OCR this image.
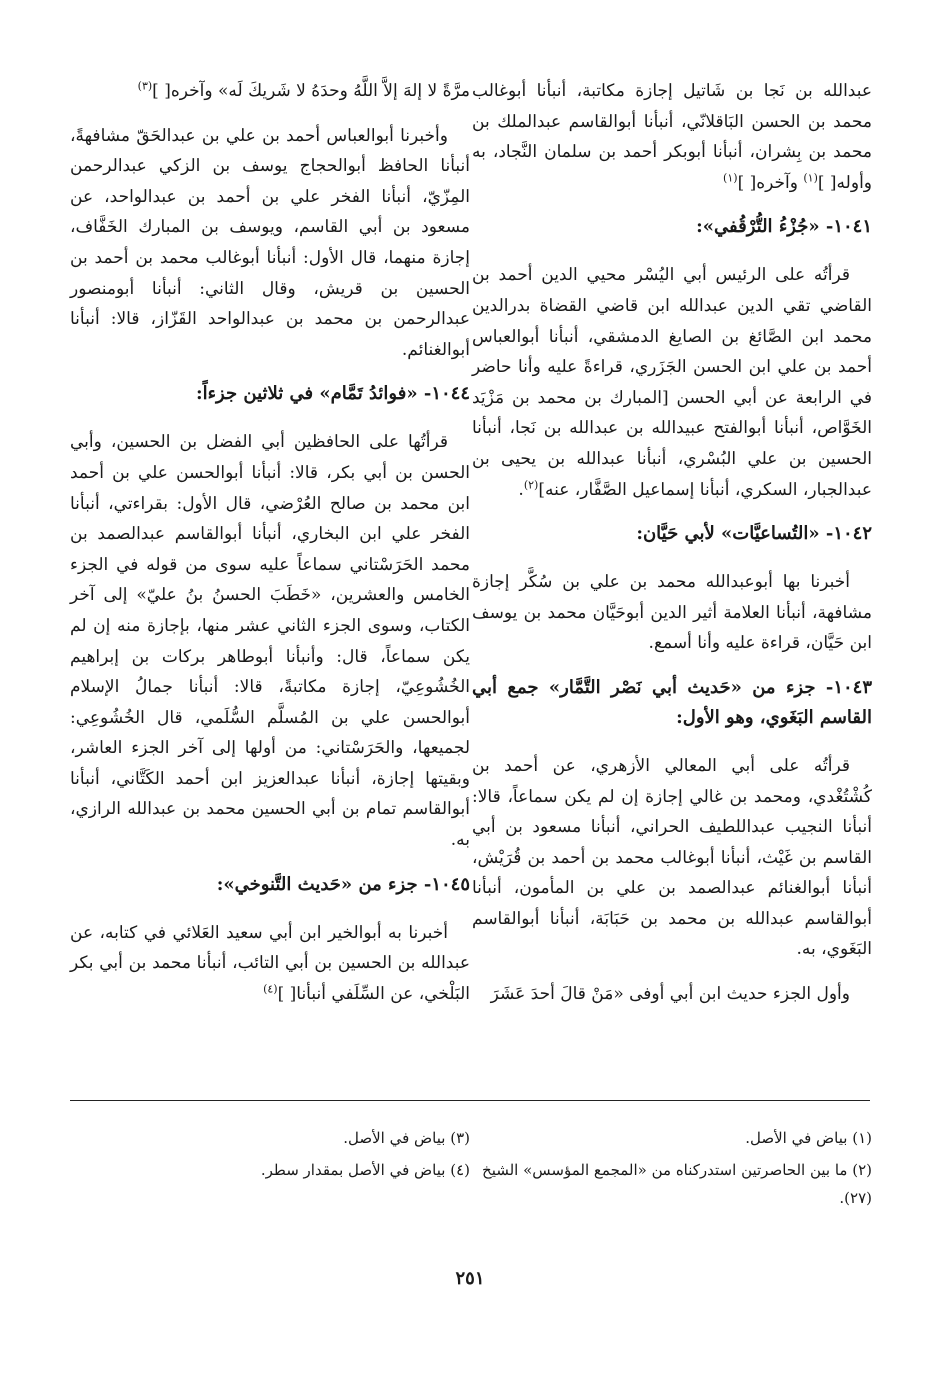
عبدالله بن نَجا بن شَاتيل إجازة مكاتبة، أنبأنا أبوغالب محمد بن الحسن البَاقلانّي، أنبأنا أبوالقاسم عبدالملك بن محمد بن بِشران، أنبأنا أبوبكر أحمد بن سلمان النَّجاد، به وأوله[ ]$^{(١)}$ وآخره[ ]$^{(١)}$

١٠٤١- «جُزْءُ التُّرْقُفي»:

قرأتُه على الرئيس أبي اليُسْر محيي الدين أحمد بن القاضي تقي الدين عبدالله ابن قاضي القضاة بدرالدين محمد ابن الصَّائغ بن الصايغ الدمشقي، أنبأنا أبوالعباس أحمد بن علي ابن الحسن الجَزَري، قراءةً عليه وأنا حاضر في الرابعة عن أبي الحسن [المبارك بن محمد بن مَزْيَد الخَوَّاص، أنبأنا أبوالفتح عبيدالله بن عبدالله بن نَجا، أنبأنا الحسين بن علي البُسْري، أنبأنا عبدالله بن يحيى بن عبدالجبار، السكري، أنبأنا إسماعيل الصَّفَّار، عنه]$^{(٢)}$.

١٠٤٢- «التُساعيَّات» لأبي حَيَّان:

أخبرنا بها أبوعبدالله محمد بن علي بن سُكَّر إجازة مشافهة، أنبأنا العلامة أثير الدين أبوحَيَّان محمد بن يوسف ابن حَيَّان، قراءة عليه وأنا أسمع.

١٠٤٣- جزء من «حَديث أبي نَصْر التَّمَّار» جمع أبي القاسم البَغَوي، وهو الأول:

قرأتُه على أبي المعالي الأزهري، عن أحمد بن كُشْتُغْدي، ومحمد بن غالي إجازة إن لم يكن سماعاً، قالا: أنبأنا النجيب عبداللطيف الحراني، أنبأنا مسعود بن أبي القاسم بن غَيْث، أنبأنا أبوغالب محمد بن أحمد بن قُرَيْش، أنبأنا أبوالغنائم عبدالصمد بن علي بن المأمون، أنبأنا أبوالقاسم عبدالله بن محمد بن حَبَابَة، أنبأنا أبوالقاسم البَغَوي، به.

وأول الجزء حديث ابن أبي أوفى «مَنْ قالَ أحدَ عَشَرَ

مرَّةً لا إلهَ إلاَّ اللَّهُ وحدَهُ لا شَريكَ لَه» وآخره[ ]$^{(٣)}$

وأخبرنا أبوالعباس أحمد بن علي بن عبدالحَقّ مشافهةً، أنبأنا الحافظ أبوالحجاج يوسف بن الزكي عبدالرحمن المِزّيّ، أنبأنا الفخر علي بن أحمد بن عبدالواحد، عن مسعود بن أبي القاسم، ويوسف بن المبارك الخَفَّاف، إجازة منهما، قال الأول: أنبأنا أبوغالب محمد بن أحمد بن الحسين بن قريش، وقال الثاني: أنبأنا أبومنصور عبدالرحمن بن محمد بن عبدالواحد القَزّاز، قالا: أنبأنا أبوالغنائم.

١٠٤٤- «فوائدُ تَمَّام» في ثلاثين جزءاً:

قرأتُها على الحافظين أبي الفضل بن الحسين، وأبي الحسن بن أبي بكر، قالا: أنبأنا أبوالحسن علي بن أحمد ابن محمد بن صالح العُرْضي، قال الأول: بقراءتي، أنبأنا الفخر علي ابن البخاري، أنبأنا أبوالقاسم عبدالصمد بن محمد الحَرَسْتاني سماعاً عليه سوى من قوله في الجزء الخامس والعشرين، «خَطَبَ الحسنُ بنُ عليّ» إلى آخر الكتاب، وسوى الجزء الثاني عشر منها، بإجازة منه إن لم يكن سماعاً، قال: وأنبأنا أبوطاهر بركات بن إبراهيم الخُشُوعِيّ، إجازة مكاتبةً، قالا: أنبأنا جمالُ الإسلام أبوالحسن علي بن المُسلَّم السُّلَمي، قال الخُشُوعِي: لجميعها، والحَرَسْتاني: من أولها إلى آخر الجزء العاشر، وبقيتها إجازة، أنبأنا عبدالعزيز ابن أحمد الكَتَّاني، أنبأنا أبوالقاسم تمام بن أبي الحسين محمد بن عبدالله الرازي، به.

١٠٤٥- جزء من «حَديث التَّنوخي»:

أخبرنا به أبوالخير ابن أبي سعيد العَلائي في كتابه، عن عبدالله بن الحسين بن أبي التائب، أنبأنا محمد بن أبي بكر البَلْخي، عن السِّلَفي أنبأنا[ ]$^{(٤)}$

(١) بياض في الأصل.
(٢) ما بين الحاصرتين استدركناه من «المجمع المؤسس» الشيخ (٢٧).
(٣) بياض في الأصل.
(٤) بياض في الأصل بمقدار سطر.
٢٥١
